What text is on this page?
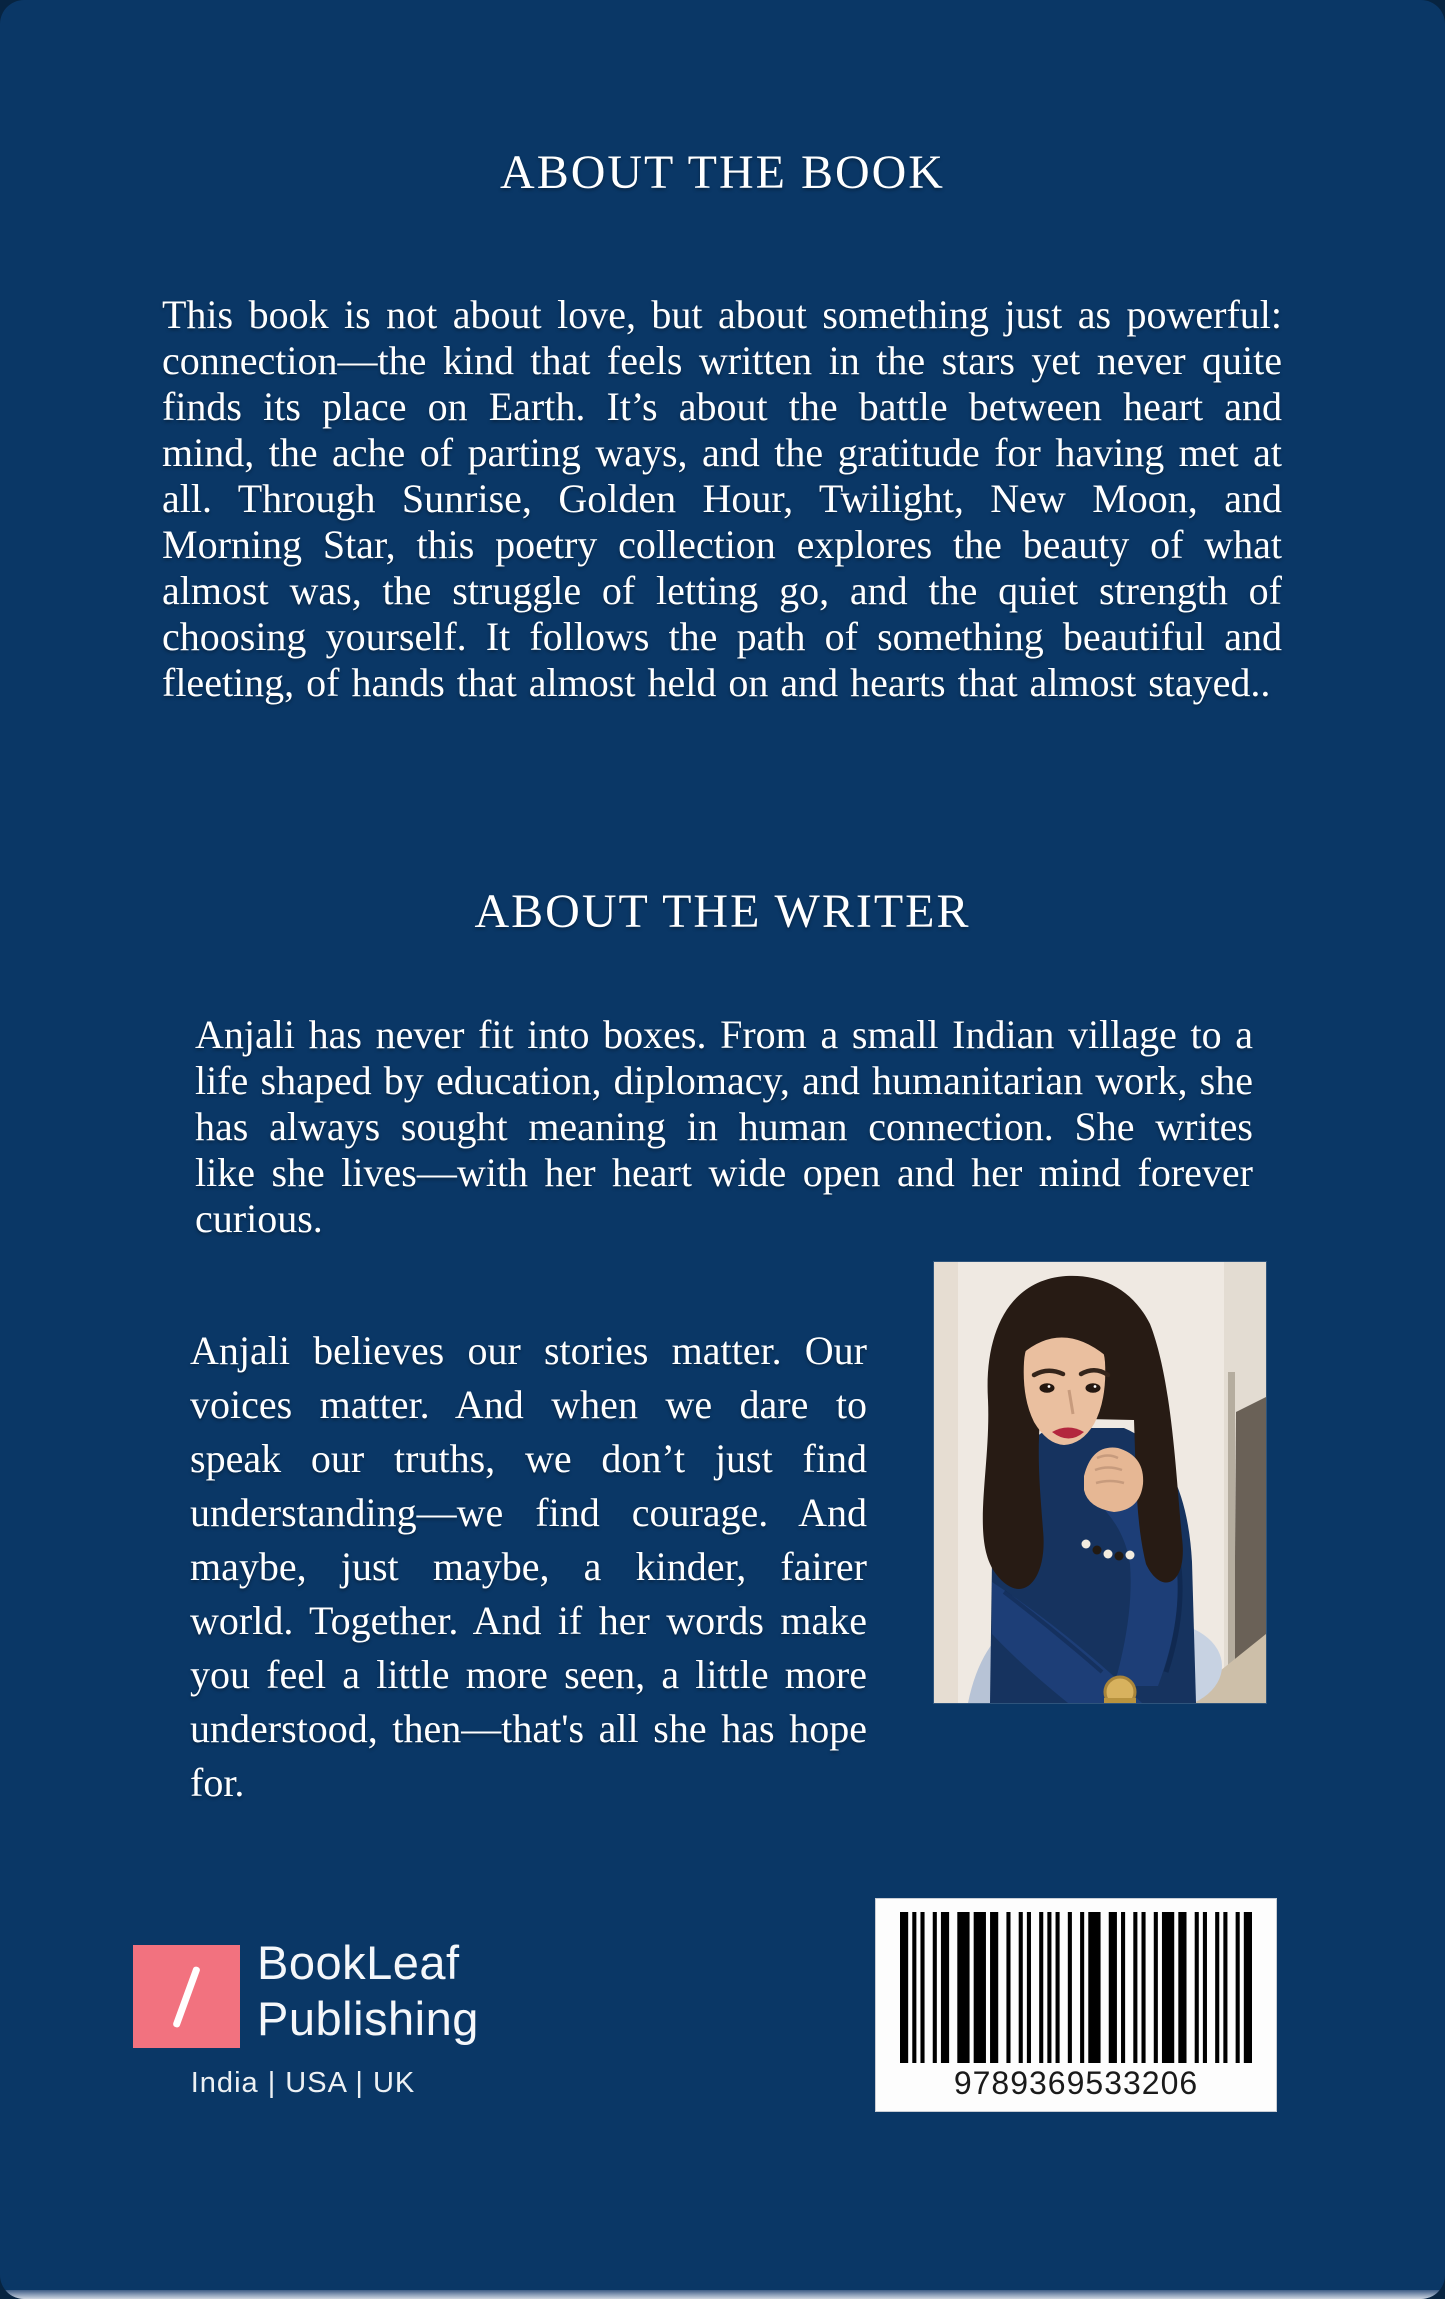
ABOUT THE BOOK

This book is not about love, but about something just as powerful: connection—the kind that feels written in the stars yet never quite finds its place on Earth. It’s about the battle between heart and mind, the ache of parting ways, and the gratitude for having met at all. Through Sunrise, Golden Hour, Twilight, New Moon, and Morning Star, this poetry collection explores the beauty of what almost was, the struggle of letting go, and the quiet strength of choosing yourself. It follows the path of something beautiful and fleeting, of hands that almost held on and hearts that almost stayed..

ABOUT THE WRITER

Anjali has never fit into boxes. From a small Indian village to a life shaped by education, diplomacy, and humanitarian work, she has always sought meaning in human connection. She writes like she lives—with her heart wide open and her mind forever curious.

Anjali believes our stories matter. Our voices matter. And when we dare to speak our truths, we don’t just find understanding—we find courage. And maybe, just maybe, a kinder, fairer world. Together. And if her words make you feel a little more seen, a little more understood, then—that's all she has hope for.

BookLeaf
Publishing
India | USA | UK	9789369533206
